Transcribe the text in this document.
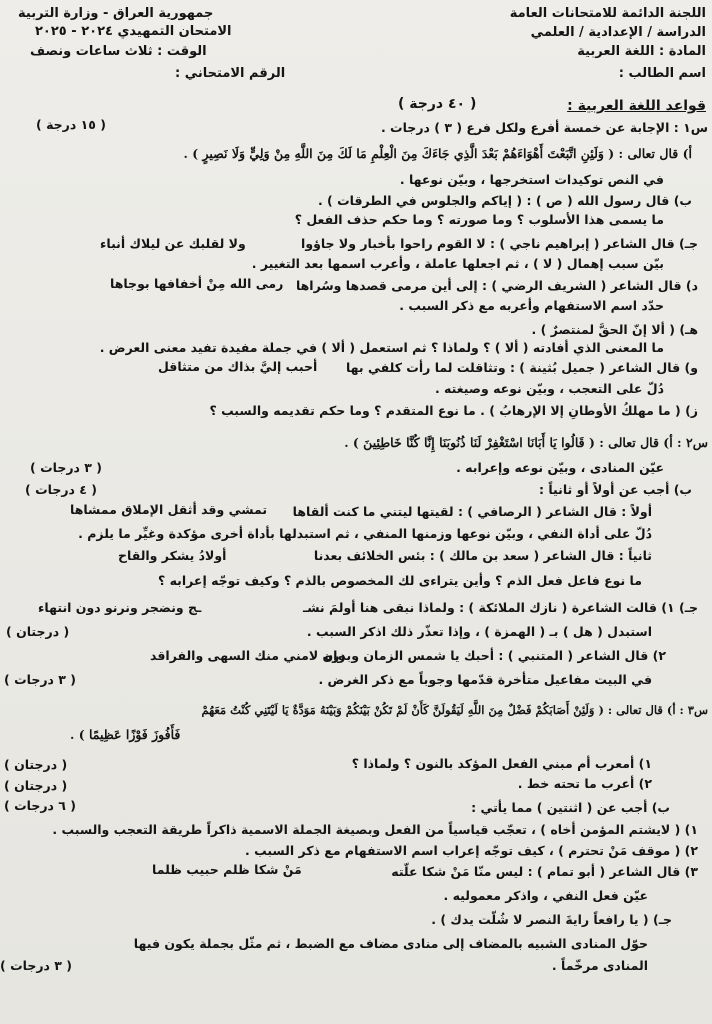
اللجنة الدائمة للامتحانات العامة
الدراسة / الإعدادية / العلمي
المادة : اللغة العربية
اسم الطالب :
جمهورية العراق - وزارة التربية
الامتحان التمهيدي ٢٠٢٤ - ٢٠٢٥
الوقت : ثلاث ساعات ونصف
الرقم الامتحاني :
قواعد اللغة العربية :
( ٤٠ درجة )
س١ : الإجابة عن خمسة أفرع ولكل فرع ( ٣ ) درجات .
( ١٥ درجة )
أ) قال تعالى : ( وَلَئِنِ اتَّبَعْتَ أَهْوَاءَهُمْ بَعْدَ الَّذِي جَاءَكَ مِنَ الْعِلْمِ مَا لَكَ مِنَ اللَّهِ مِنْ وَلِيٍّ وَلَا نَصِيرٍ ) .
في النص توكيدات استخرجها ، وبيّن نوعها .
ب) قال رسول الله ( ص ) : ( إياكم والجلوس في الطرقات ) .
ما يسمى هذا الأسلوب ؟ وما صورته ؟ وما حكم حذف الفعل ؟
جـ) قال الشاعر ( إبراهيم ناجي ) : لا القوم راحوا بأخبار ولا جاؤوا
ولا لقلبك عن ليلاك أنباء
بيّن سبب إهمال ( لا ) ، ثم اجعلها عاملة ، وأعرب اسمها بعد التغيير .
د) قال الشاعر ( الشريف الرضي ) : إلى أين مرمى قصدها وسُراها
رمى الله مِنْ أخفافها بوجاها
حدّد اسم الاستفهام وأعربه مع ذكر السبب .
هـ) ( ألا إنّ الحقَّ لمنتصرٌ ) .
ما المعنى الذي أفادته ( ألا ) ؟ ولماذا ؟ ثم استعمل ( ألا ) في جملة مفيدة تفيد معنى العرض .
و) قال الشاعر ( جميل بُثينة ) : وتثاقلت لما رأت كلفي بها
أحبب إليَّ بذاك من متثاقل
دُلّ على التعجب ، وبيّن نوعه وصيغته .
ز) ( ما مهلكُ الأوطانِ إلا الإرهابُ ) . ما نوع المتقدم ؟ وما حكم تقديمه والسبب ؟
س٢ : أ) قال تعالى : ( قَالُوا يَا أَبَانَا اسْتَغْفِرْ لَنَا ذُنُوبَنَا إِنَّا كُنَّا خَاطِئِينَ ) .
عيّن المنادى ، وبيّن نوعه وإعرابه .
( ٣ درجات )
ب) أجب عن أولاً أو ثانياً :
( ٤ درجات )
أولاً : قال الشاعر ( الرصافي ) : لقيتها ليتني ما كنت ألقاها
تمشي وقد أثقل الإملاق ممشاها
دُلّ على أداة النفي ، وبيّن نوعها وزمنها المنفي ، ثم استبدلها بأداة أخرى مؤكدة وغيِّر ما يلزم .
ثانياً : قال الشاعر ( سعد بن مالك ) : بئس الخلائف بعدنا
أولادُ يشكر والقاح
ما نوع فاعل فعل الذم ؟ وأين يتراءى لك المخصوص بالذم ؟ وكيف توجّه إعرابه ؟
جـ) ١) قالت الشاعرة ( نازك الملائكة ) : ولماذا نبقى هنا أولمَ نشـ
ـج ونضجر ونرنو دون انتهاء
استبدل ( هل ) بـ ( الهمزة ) ، وإذا تعذّر ذلك اذكر السبب .
( درجتان )
٢) قال الشاعر ( المتنبي ) : أحبك يا شمس الزمان وبدره
وإن لامني منك السهى والفراقد
في البيت مفاعيل متأخرة قدّمها وجوباً مع ذكر الغرض .
( ٣ درجات )
س٣ : أ) قال تعالى : ( وَلَئِنْ أَصَابَكُمْ فَضْلٌ مِنَ اللَّهِ لَيَقُولَنَّ كَأَنْ لَمْ تَكُنْ بَيْنَكُمْ وَبَيْنَهُ مَوَدَّةٌ يَا لَيْتَنِي كُنْتُ مَعَهُمْ
فَأَفُوزَ فَوْزًا عَظِيمًا ) .
١) أمعرب أم مبني الفعل المؤكد بالنون ؟ ولماذا ؟
( درجتان )
٢) أعرب ما تحته خط .
( درجتان )
ب) أجب عن ( اثنتين ) مما يأتي :
( ٦ درجات )
١) ( لايشتم المؤمن أخاه ) ، تعجّب قياسياً من الفعل وبصيغة الجملة الاسمية ذاكراً طريقة التعجب والسبب .
٢) ( موقف مَنْ تحترم ) ، كيف توجّه إعراب اسم الاستفهام مع ذكر السبب .
٣) قال الشاعر ( أبو تمام ) : ليس منّا مَنْ شكا علّته
مَنْ شكا ظلم حبيب ظلما
عيّن فعل النفي ، واذكر معموليه .
جـ) ( يا رافعاً رايةَ النصر لا شُلّت يدك ) .
حوّل المنادى الشبيه بالمضاف إلى منادى مضاف مع الضبط ، ثم مثّل بجملة يكون فيها
المنادى مرخّماً .
( ٣ درجات )
